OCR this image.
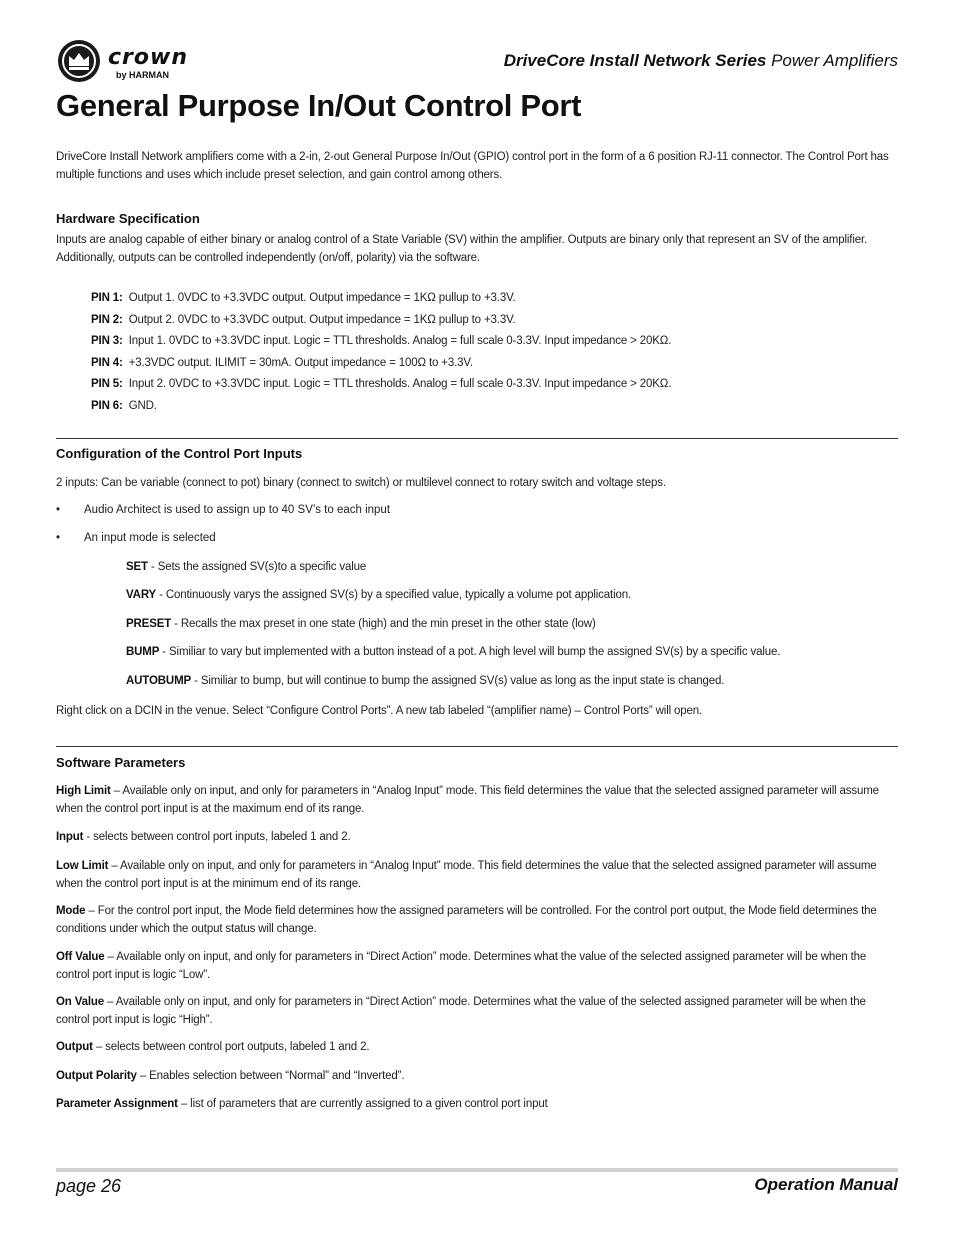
crown
by HARMAN
DriveCore Install Network Series Power Amplifiers
General Purpose In/Out Control Port
DriveCore Install Network amplifiers come with a 2-in, 2-out General Purpose In/Out (GPIO) control port in the form of a 6 position RJ-11 connector. The Control Port has multiple functions and uses which include preset selection, and gain control among others.
Hardware Specification
Inputs are analog capable of either binary or analog control of a State Variable (SV) within the amplifier. Outputs are binary only that represent an SV of the amplifier. Additionally, outputs can be controlled independently (on/off, polarity) via the software.
PIN 1: Output 1. 0VDC to +3.3VDC output. Output impedance = 1KΩ pullup to +3.3V.
PIN 2: Output 2. 0VDC to +3.3VDC output. Output impedance = 1KΩ pullup to +3.3V.
PIN 3: Input 1. 0VDC to +3.3VDC input. Logic = TTL thresholds. Analog = full scale 0-3.3V. Input impedance > 20KΩ.
PIN 4: +3.3VDC output. ILIMIT = 30mA. Output impedance = 100Ω to +3.3V.
PIN 5: Input 2. 0VDC to +3.3VDC input. Logic = TTL thresholds. Analog = full scale 0-3.3V. Input impedance > 20KΩ.
PIN 6: GND.
Configuration of the Control Port Inputs
2 inputs: Can be variable (connect to pot) binary (connect to switch) or multilevel connect to rotary switch and voltage steps.
• Audio Architect is used to assign up to 40 SV’s to each input
• An input mode is selected
SET - Sets the assigned SV(s)to a specific value
VARY - Continuously varys the assigned SV(s) by a specified value, typically a volume pot application.
PRESET - Recalls the max preset in one state (high) and the min preset in the other state (low)
BUMP - Similiar to vary but implemented with a button instead of a pot. A high level will bump the assigned SV(s) by a specific value.
AUTOBUMP - Similiar to bump, but will continue to bump the assigned SV(s) value as long as the input state is changed.
Right click on a DCIN in the venue. Select “Configure Control Ports”. A new tab labeled “(amplifier name) – Control Ports” will open.
Software Parameters
High Limit – Available only on input, and only for parameters in “Analog Input” mode. This field determines the value that the selected assigned parameter will assume when the control port input is at the maximum end of its range.
Input - selects between control port inputs, labeled 1 and 2.
Low Limit – Available only on input, and only for parameters in “Analog Input” mode. This field determines the value that the selected assigned parameter will assume when the control port input is at the minimum end of its range.
Mode – For the control port input, the Mode field determines how the assigned parameters will be controlled. For the control port output, the Mode field determines the conditions under which the output status will change.
Off Value – Available only on input, and only for parameters in “Direct Action” mode. Determines what the value of the selected assigned parameter will be when the control port input is logic “Low”.
On Value – Available only on input, and only for parameters in “Direct Action” mode. Determines what the value of the selected assigned parameter will be when the control port input is logic “High”.
Output – selects between control port outputs, labeled 1 and 2.
Output Polarity – Enables selection between “Normal” and “Inverted”.
Parameter Assignment – list of parameters that are currently assigned to a given control port input
page 26	Operation Manual
